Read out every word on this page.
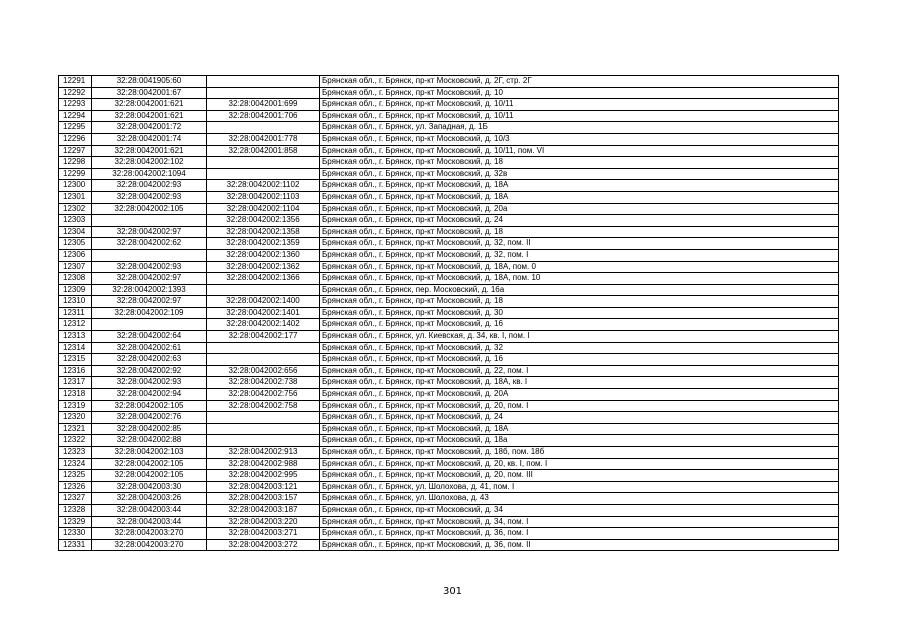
12291	32:28:0041905:60		Брянская обл., г. Брянск, пр-кт Московский, д. 2Г, стр. 2Г
12292	32:28:0042001:67		Брянская обл., г. Брянск, пр-кт Московский, д. 10
12293	32:28:0042001:621	32:28:0042001:699	Брянская обл., г. Брянск, пр-кт Московский, д. 10/11
12294	32:28:0042001:621	32:28:0042001:706	Брянская обл., г. Брянск, пр-кт Московский, д. 10/11
12295	32:28:0042001:72		Брянская обл., г. Брянск, ул. Западная, д. 1Б
12296	32:28:0042001:74	32:28:0042001:778	Брянская обл., г. Брянск, пр-кт Московский, д. 10/3
12297	32:28:0042001:621	32:28:0042001:858	Брянская обл., г. Брянск, пр-кт Московский, д. 10/11, пом. VI
12298	32:28:0042002:102		Брянская обл., г. Брянск, пр-кт Московский, д. 18
12299	32:28:0042002:1094		Брянская обл., г. Брянск, пр-кт Московский, д. 32в
12300	32:28:0042002:93	32:28:0042002:1102	Брянская обл., г. Брянск, пр-кт Московский, д. 18А
12301	32:28:0042002:93	32:28:0042002:1103	Брянская обл., г. Брянск, пр-кт Московский, д. 18А
12302	32:28:0042002:105	32:28:0042002:1104	Брянская обл., г. Брянск, пр-кт Московский, д. 20а
12303		32:28:0042002:1356	Брянская обл., г. Брянск, пр-кт Московский, д. 24
12304	32:28:0042002:97	32:28:0042002:1358	Брянская обл., г. Брянск, пр-кт Московский, д. 18
12305	32:28:0042002:62	32:28:0042002:1359	Брянская обл., г. Брянск, пр-кт Московский, д. 32, пом. II
12306		32:28:0042002:1360	Брянская обл., г. Брянск, пр-кт Московский, д. 32, пом. I
12307	32:28:0042002:93	32:28:0042002:1362	Брянская обл., г. Брянск, пр-кт Московский, д. 18А, пом. 0
12308	32:28:0042002:97	32:28:0042002:1366	Брянская обл., г. Брянск, пр-кт Московский, д. 18А, пом. 10
12309	32:28:0042002:1393		Брянская обл., г. Брянск, пер. Московский, д. 16а
12310	32:28:0042002:97	32:28:0042002:1400	Брянская обл., г. Брянск, пр-кт Московский, д. 18
12311	32:28:0042002:109	32:28:0042002:1401	Брянская обл., г. Брянск, пр-кт Московский, д. 30
12312		32:28:0042002:1402	Брянская обл., г. Брянск, пр-кт Московский, д. 16
12313	32:28:0042002:64	32:28:0042002:177	Брянская обл., г. Брянск, ул. Киевская, д. 34, кв. I, пом. I
12314	32:28:0042002:61		Брянская обл., г. Брянск, пр-кт Московский, д. 32
12315	32:28:0042002:63		Брянская обл., г. Брянск, пр-кт Московский, д. 16
12316	32:28:0042002:92	32:28:0042002:656	Брянская обл., г. Брянск, пр-кт Московский, д. 22, пом. I
12317	32:28:0042002:93	32:28:0042002:738	Брянская обл., г. Брянск, пр-кт Московский, д. 18А, кв. I
12318	32:28:0042002:94	32:28:0042002:756	Брянская обл., г. Брянск, пр-кт Московский, д. 20А
12319	32:28:0042002:105	32:28:0042002:758	Брянская обл., г. Брянск, пр-кт Московский, д. 20, пом. I
12320	32:28:0042002:76		Брянская обл., г. Брянск, пр-кт Московский, д. 24
12321	32:28:0042002:85		Брянская обл., г. Брянск, пр-кт Московский, д. 18А
12322	32:28:0042002:88		Брянская обл., г. Брянск, пр-кт Московский, д. 18а
12323	32:28:0042002:103	32:28:0042002:913	Брянская обл., г. Брянск, пр-кт Московский, д. 18б, пом. 18б
12324	32:28:0042002:105	32:28:0042002:988	Брянская обл., г. Брянск, пр-кт Московский, д. 20, кв. I, пом. I
12325	32:28:0042002:105	32:28:0042002:995	Брянская обл., г. Брянск, пр-кт Московский, д. 20, пом. III
12326	32:28:0042003:30	32:28:0042003:121	Брянская обл., г. Брянск, ул. Шолохова, д. 41, пом. I
12327	32:28:0042003:26	32:28:0042003:157	Брянская обл., г. Брянск, ул. Шолохова, д. 43
12328	32:28:0042003:44	32:28:0042003:187	Брянская обл., г. Брянск, пр-кт Московский, д. 34
12329	32:28:0042003:44	32:28:0042003:220	Брянская обл., г. Брянск, пр-кт Московский, д. 34, пом. I
12330	32:28:0042003:270	32:28:0042003:271	Брянская обл., г. Брянск, пр-кт Московский, д. 36, пом. I
12331	32:28:0042003:270	32:28:0042003:272	Брянская обл., г. Брянск, пр-кт Московский, д. 36, пом. II
301
